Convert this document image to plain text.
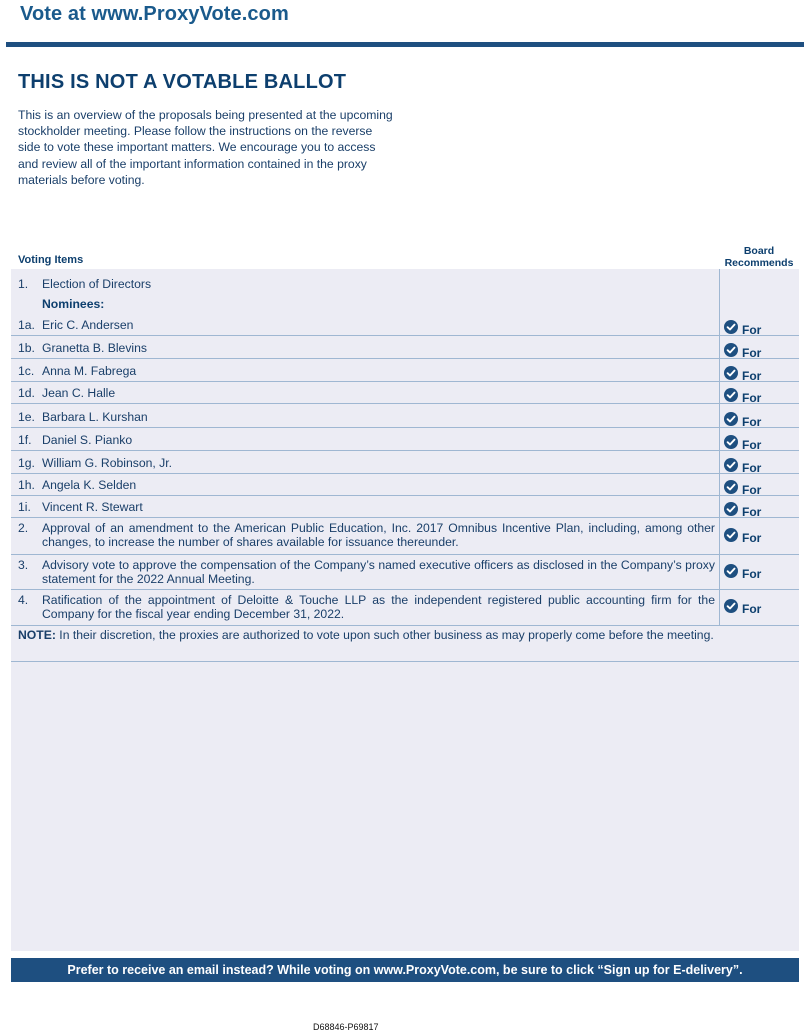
Vote at www.ProxyVote.com
THIS IS NOT A VOTABLE BALLOT
This is an overview of the proposals being presented at the upcoming stockholder meeting. Please follow the instructions on the reverse side to vote these important matters. We encourage you to access and review all of the important information contained in the proxy materials before voting.
Voting Items
Board
Recommends
1. Election of Directors
Nominees:
1a. Eric C. Andersen	For
1b. Granetta B. Blevins	For
1c. Anna M. Fabrega	For
1d. Jean C. Halle	For
1e. Barbara L. Kurshan	For
1f. Daniel S. Pianko	For
1g. William G. Robinson, Jr.	For
1h. Angela K. Selden	For
1i. Vincent R. Stewart	For
2. Approval of an amendment to the American Public Education, Inc. 2017 Omnibus Incentive Plan, including, among other changes, to increase the number of shares available for issuance thereunder.	For
3. Advisory vote to approve the compensation of the Company’s named executive officers as disclosed in the Company’s proxy statement for the 2022 Annual Meeting.	For
4. Ratification of the appointment of Deloitte & Touche LLP as the independent registered public accounting firm for the Company for the fiscal year ending December 31, 2022.	For
NOTE: In their discretion, the proxies are authorized to vote upon such other business as may properly come before the meeting.
Prefer to receive an email instead? While voting on www.ProxyVote.com, be sure to click “Sign up for E-delivery”.
D68846-P69817
